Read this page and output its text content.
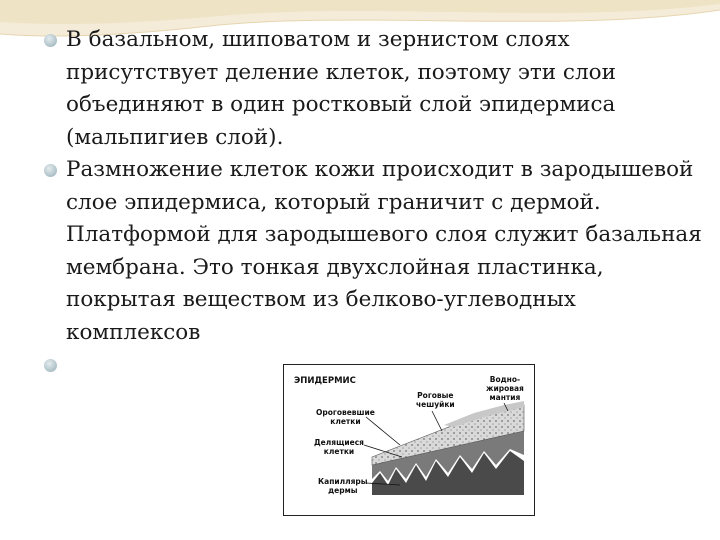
В базальном, шиповатом и зернистом слоях присутствует деление клеток, поэтому эти слои объединяют в один ростковый слой эпидермиса (мальпигиев слой).
Размножение клеток кожи происходит в зародышевой слое эпидермиса, который граничит с дермой. Платформой для зародышевого слоя служит базальная мембрана. Это тонкая двухслойная пластинка, покрытая веществом из белково-углеводных комплексов
ЭПИДЕРМИС
Ороговевшие
клетки
Делящиеся
клетки
Капилляры
дермы
Роговые
чешуйки
Водно-
жировая
мантия
